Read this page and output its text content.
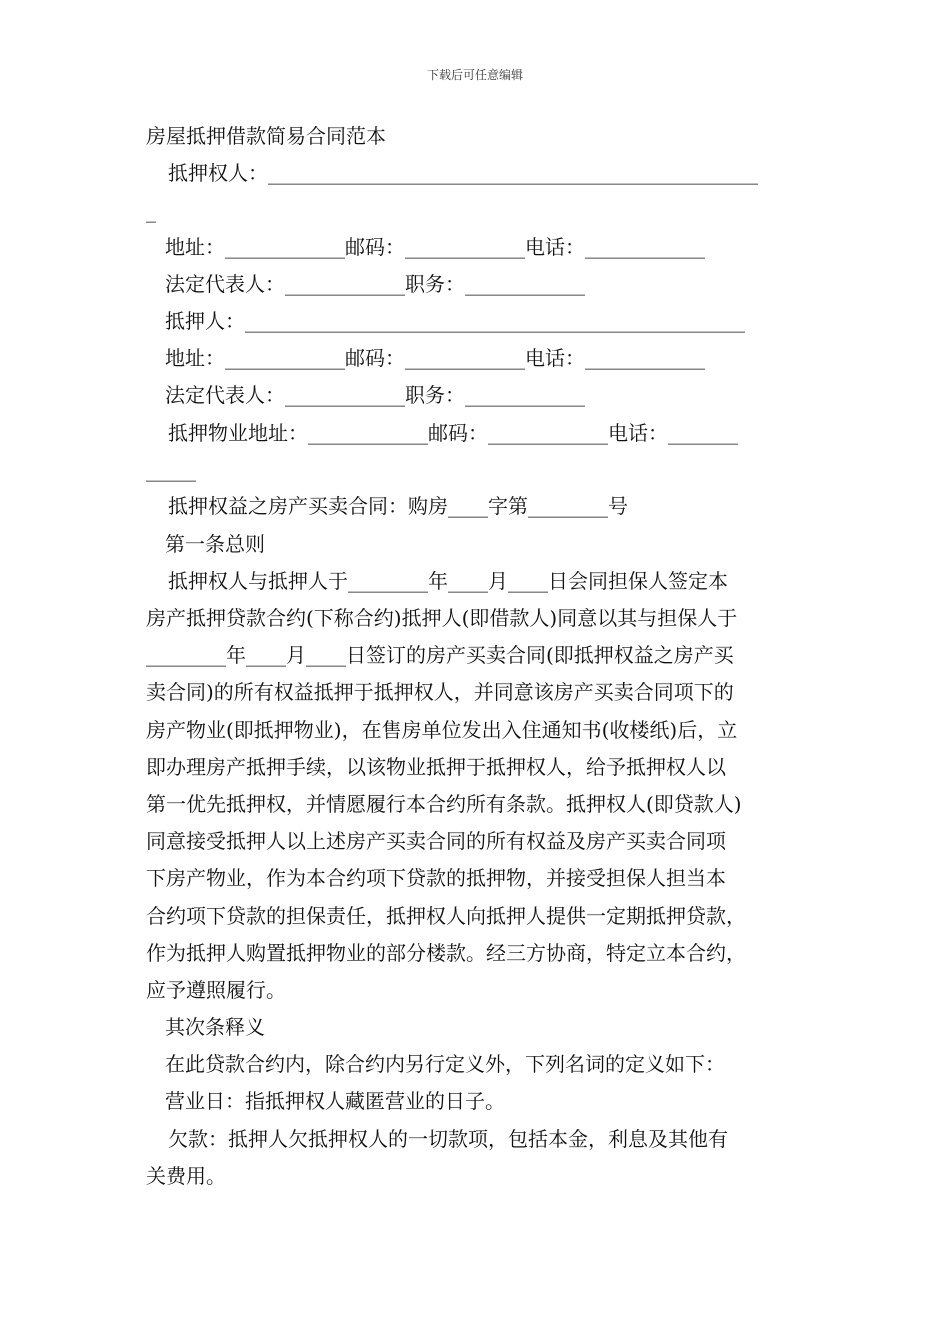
下载后可任意编辑
房屋抵押借款简易合同范本
抵押权人：_________________________________________________
_
地址：____________邮码：____________电话：____________
法定代表人：____________职务：____________
抵押人：__________________________________________________
地址：____________邮码：____________电话：____________
法定代表人：____________职务：____________
抵押物业地址：____________邮码：____________电话：_______
_____
抵押权益之房产买卖合同：购房____字第________号
第一条总则
抵押权人与抵押人于________年____月____日会同担保人签定本
房产抵押贷款合约(下称合约)抵押人(即借款人)同意以其与担保人于
________年____月____日签订的房产买卖合同(即抵押权益之房产买
卖合同)的所有权益抵押于抵押权人，并同意该房产买卖合同项下的
房产物业(即抵押物业)，在售房单位发出入住通知书(收楼纸)后，立
即办理房产抵押手续，以该物业抵押于抵押权人，给予抵押权人以
第一优先抵押权，并情愿履行本合约所有条款。抵押权人(即贷款人)
同意接受抵押人以上述房产买卖合同的所有权益及房产买卖合同项
下房产物业，作为本合约项下贷款的抵押物，并接受担保人担当本
合约项下贷款的担保责任，抵押权人向抵押人提供一定期抵押贷款，
作为抵押人购置抵押物业的部分楼款。经三方协商，特定立本合约，
应予遵照履行。
其次条释义
在此贷款合约内，除合约内另行定义外，下列名词的定义如下：
营业日：指抵押权人藏匿营业的日子。
欠款：抵押人欠抵押权人的一切款项，包括本金，利息及其他有
关费用。
